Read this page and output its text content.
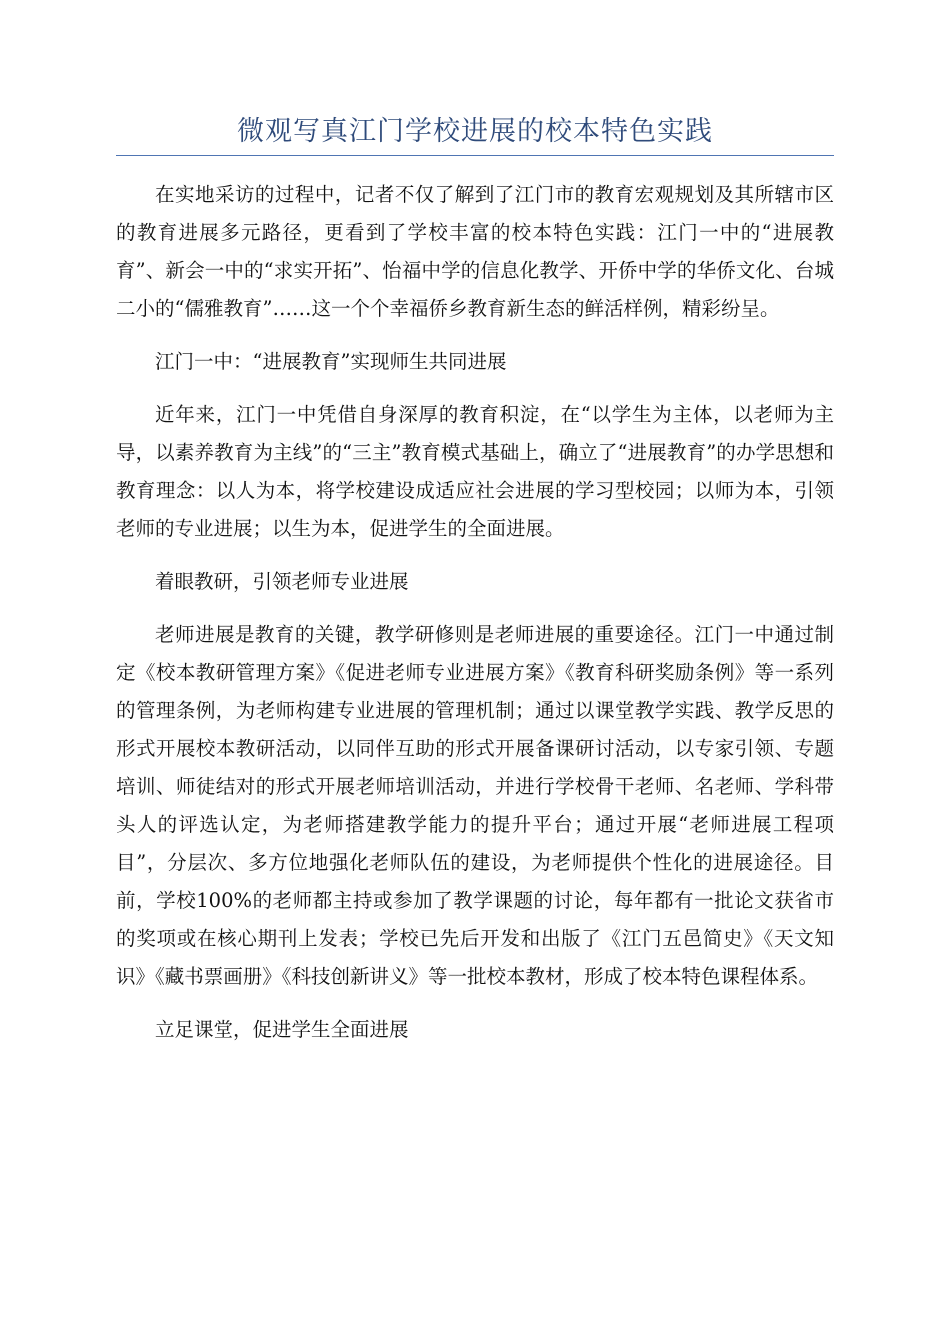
微观写真江门学校进展的校本特色实践

在实地采访的过程中，记者不仅了解到了江门市的教育宏观规划及其所辖市区的教育进展多元路径，更看到了学校丰富的校本特色实践：江门一中的“进展教育”、新会一中的“求实开拓”、怡福中学的信息化教学、开侨中学的华侨文化、台城二小的“儒雅教育”……这一个个幸福侨乡教育新生态的鲜活样例，精彩纷呈。

江门一中：“进展教育”实现师生共同进展

近年来，江门一中凭借自身深厚的教育积淀，在“以学生为主体，以老师为主导，以素养教育为主线”的“三主”教育模式基础上，确立了“进展教育”的办学思想和教育理念：以人为本，将学校建设成适应社会进展的学习型校园；以师为本，引领老师的专业进展；以生为本，促进学生的全面进展。

着眼教研，引领老师专业进展

老师进展是教育的关键，教学研修则是老师进展的重要途径。江门一中通过制定《校本教研管理方案》《促进老师专业进展方案》《教育科研奖励条例》等一系列的管理条例，为老师构建专业进展的管理机制；通过以课堂教学实践、教学反思的形式开展校本教研活动，以同伴互助的形式开展备课研讨活动，以专家引领、专题培训、师徒结对的形式开展老师培训活动，并进行学校骨干老师、名老师、学科带头人的评选认定，为老师搭建教学能力的提升平台；通过开展“老师进展工程项目”，分层次、多方位地强化老师队伍的建设，为老师提供个性化的进展途径。目前，学校100%的老师都主持或参加了教学课题的讨论，每年都有一批论文获省市的奖项或在核心期刊上发表；学校已先后开发和出版了《江门五邑简史》《天文知识》《藏书票画册》《科技创新讲义》等一批校本教材，形成了校本特色课程体系。

立足课堂，促进学生全面进展
